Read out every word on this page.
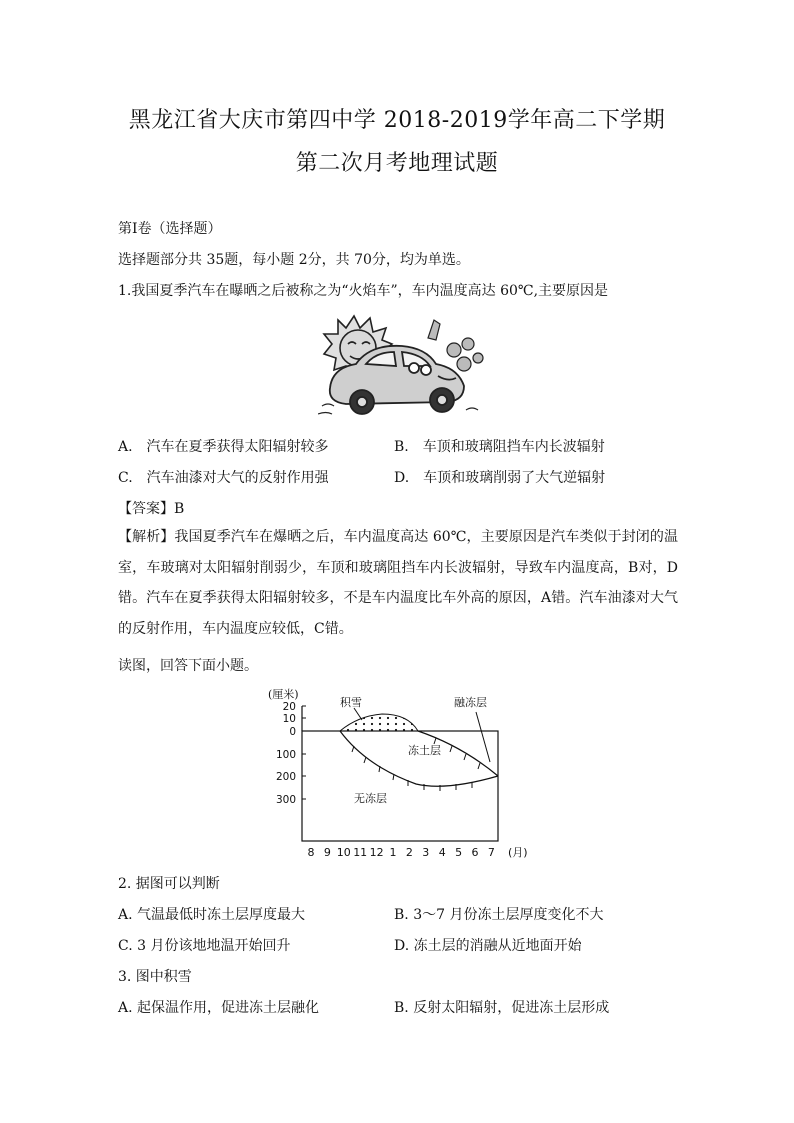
黑龙江省大庆市第四中学 2018-2019学年高二下学期
第二次月考地理试题
第Ⅰ卷（选择题）
选择题部分共 35题，每小题 2分，共 70分，均为单选。
1.我国夏季汽车在曝晒之后被称之为“火焰车”，车内温度高达 60℃,主要原因是
A.　汽车在夏季获得太阳辐射较多	B.　车顶和玻璃阻挡车内长波辐射
C.　汽车油漆对大气的反射作用强	D.　车顶和玻璃削弱了大气逆辐射
【答案】B
【解析】我国夏季汽车在爆晒之后，车内温度高达 60℃，主要原因是汽车类似于封闭的温室，车玻璃对太阳辐射削弱少，车顶和玻璃阻挡车内长波辐射，导致车内温度高，B对，D错。汽车在夏季获得太阳辐射较多，不是车内温度比车外高的原因，A错。汽车油漆对大气的反射作用，车内温度应较低，C错。
读图，回答下面小题。
(厘米)
20
10
0
100
200
300
积雪	融冻层
冻土层
无冻层
8 9 10 11 12 1 2 3 4 5 6 7 (月)
2. 据图可以判断
A. 气温最低时冻土层厚度最大	B. 3～7 月份冻土层厚度变化不大
C. 3 月份该地地温开始回升	D. 冻土层的消融从近地面开始
3. 图中积雪
A. 起保温作用，促进冻土层融化	B. 反射太阳辐射，促进冻土层形成
